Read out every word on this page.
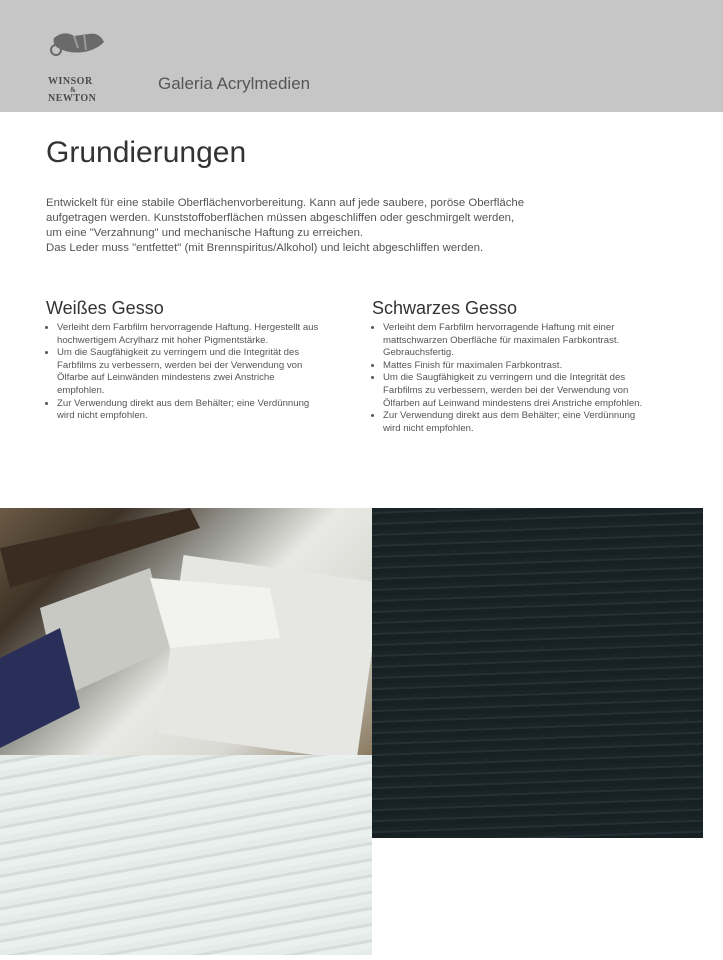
WINSOR
&
NEWTON
Galeria Acrylmedien
Grundierungen

Entwickelt für eine stabile Oberflächenvorbereitung. Kann auf jede saubere, poröse Oberfläche
aufgetragen werden. Kunststoffoberflächen müssen abgeschliffen oder geschmirgelt werden,
um eine "Verzahnung" und mechanische Haftung zu erreichen.
Das Leder muss "entfettet" (mit Brennspiritus/Alkohol) und leicht abgeschliffen werden.

Weißes Gesso
• Verleiht dem Farbfilm hervorragende Haftung. Hergestellt aus hochwertigem Acrylharz mit hoher Pigmentstärke.
• Um die Saugfähigkeit zu verringern und die Integrität des Farbfilms zu verbessern, werden bei der Verwendung von Ölfarbe auf Leinwänden mindestens zwei Anstriche empfohlen.
• Zur Verwendung direkt aus dem Behälter; eine Verdünnung wird nicht empfohlen.
Schwarzes Gesso
• Verleiht dem Farbfilm hervorragende Haftung mit einer mattschwarzen Oberfläche für maximalen Farbkontrast. Gebrauchsfertig.
• Mattes Finish für maximalen Farbkontrast.
• Um die Saugfähigkeit zu verringern und die Integrität des Farbfilms zu verbessern, werden bei der Verwendung von Ölfarben auf Leinwand mindestens drei Anstriche empfohlen.
• Zur Verwendung direkt aus dem Behälter; eine Verdünnung wird nicht empfohlen.
